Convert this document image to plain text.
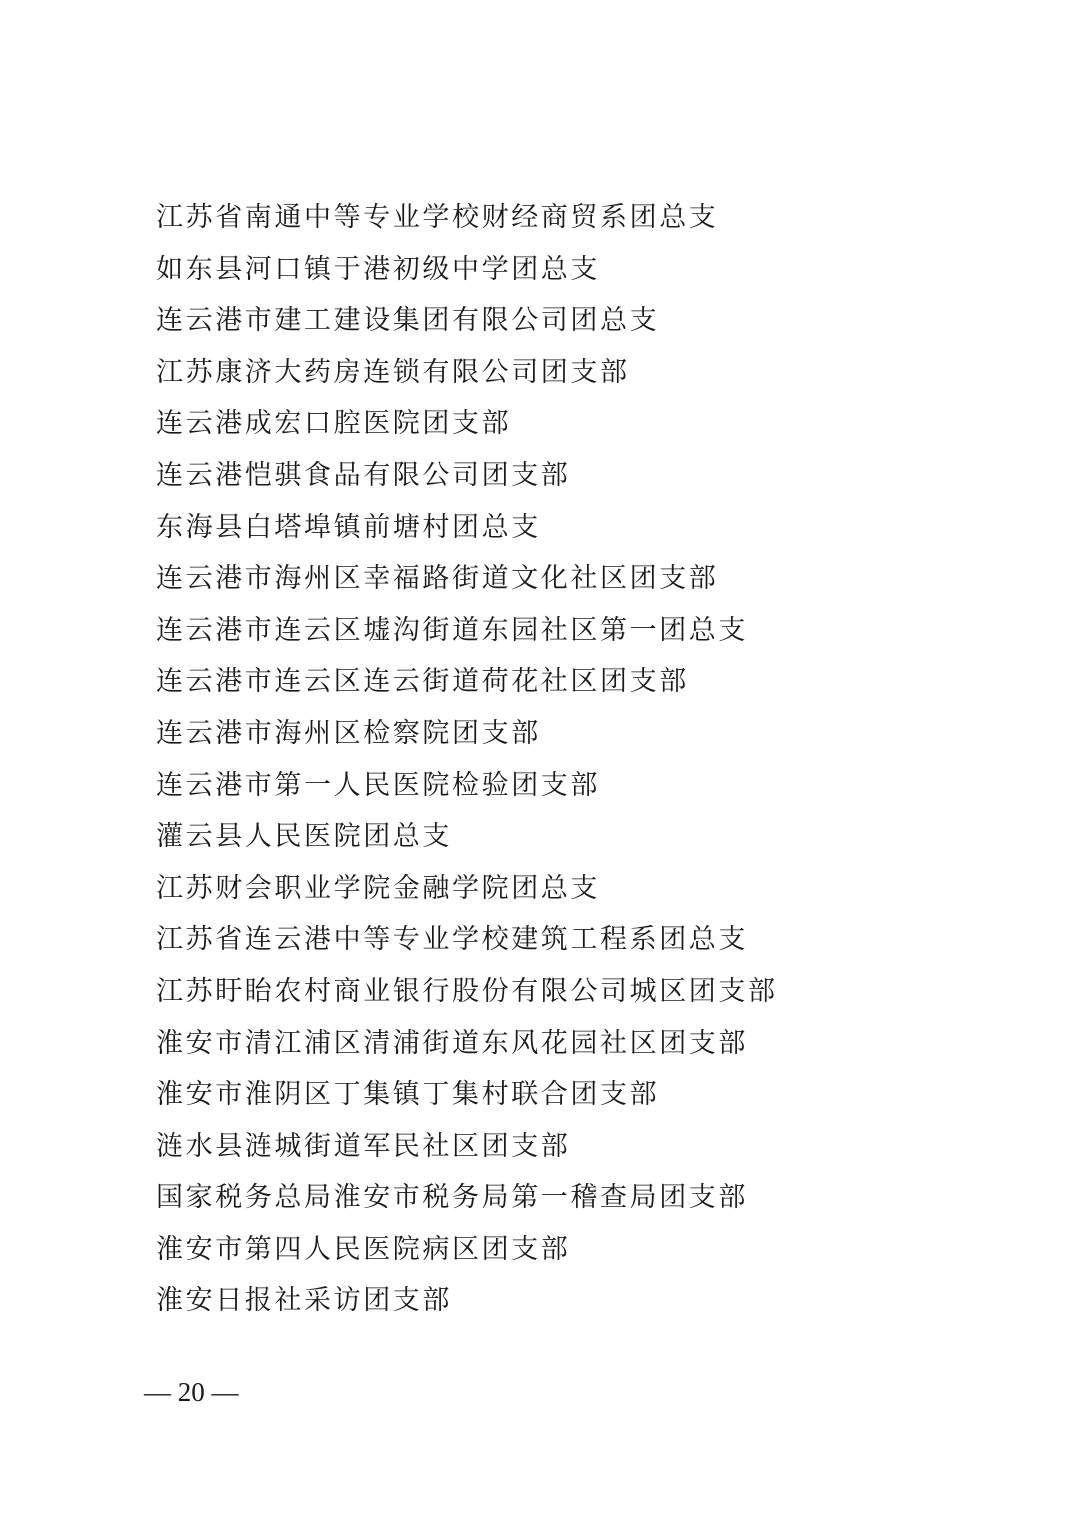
江苏省南通中等专业学校财经商贸系团总支
如东县河口镇于港初级中学团总支
连云港市建工建设集团有限公司团总支
江苏康济大药房连锁有限公司团支部
连云港成宏口腔医院团支部
连云港恺骐食品有限公司团支部
东海县白塔埠镇前塘村团总支
连云港市海州区幸福路街道文化社区团支部
连云港市连云区墟沟街道东园社区第一团总支
连云港市连云区连云街道荷花社区团支部
连云港市海州区检察院团支部
连云港市第一人民医院检验团支部
灌云县人民医院团总支
江苏财会职业学院金融学院团总支
江苏省连云港中等专业学校建筑工程系团总支
江苏盱眙农村商业银行股份有限公司城区团支部
淮安市清江浦区清浦街道东风花园社区团支部
淮安市淮阴区丁集镇丁集村联合团支部
涟水县涟城街道军民社区团支部
国家税务总局淮安市税务局第一稽查局团支部
淮安市第四人民医院病区团支部
淮安日报社采访团支部
— 20 —
